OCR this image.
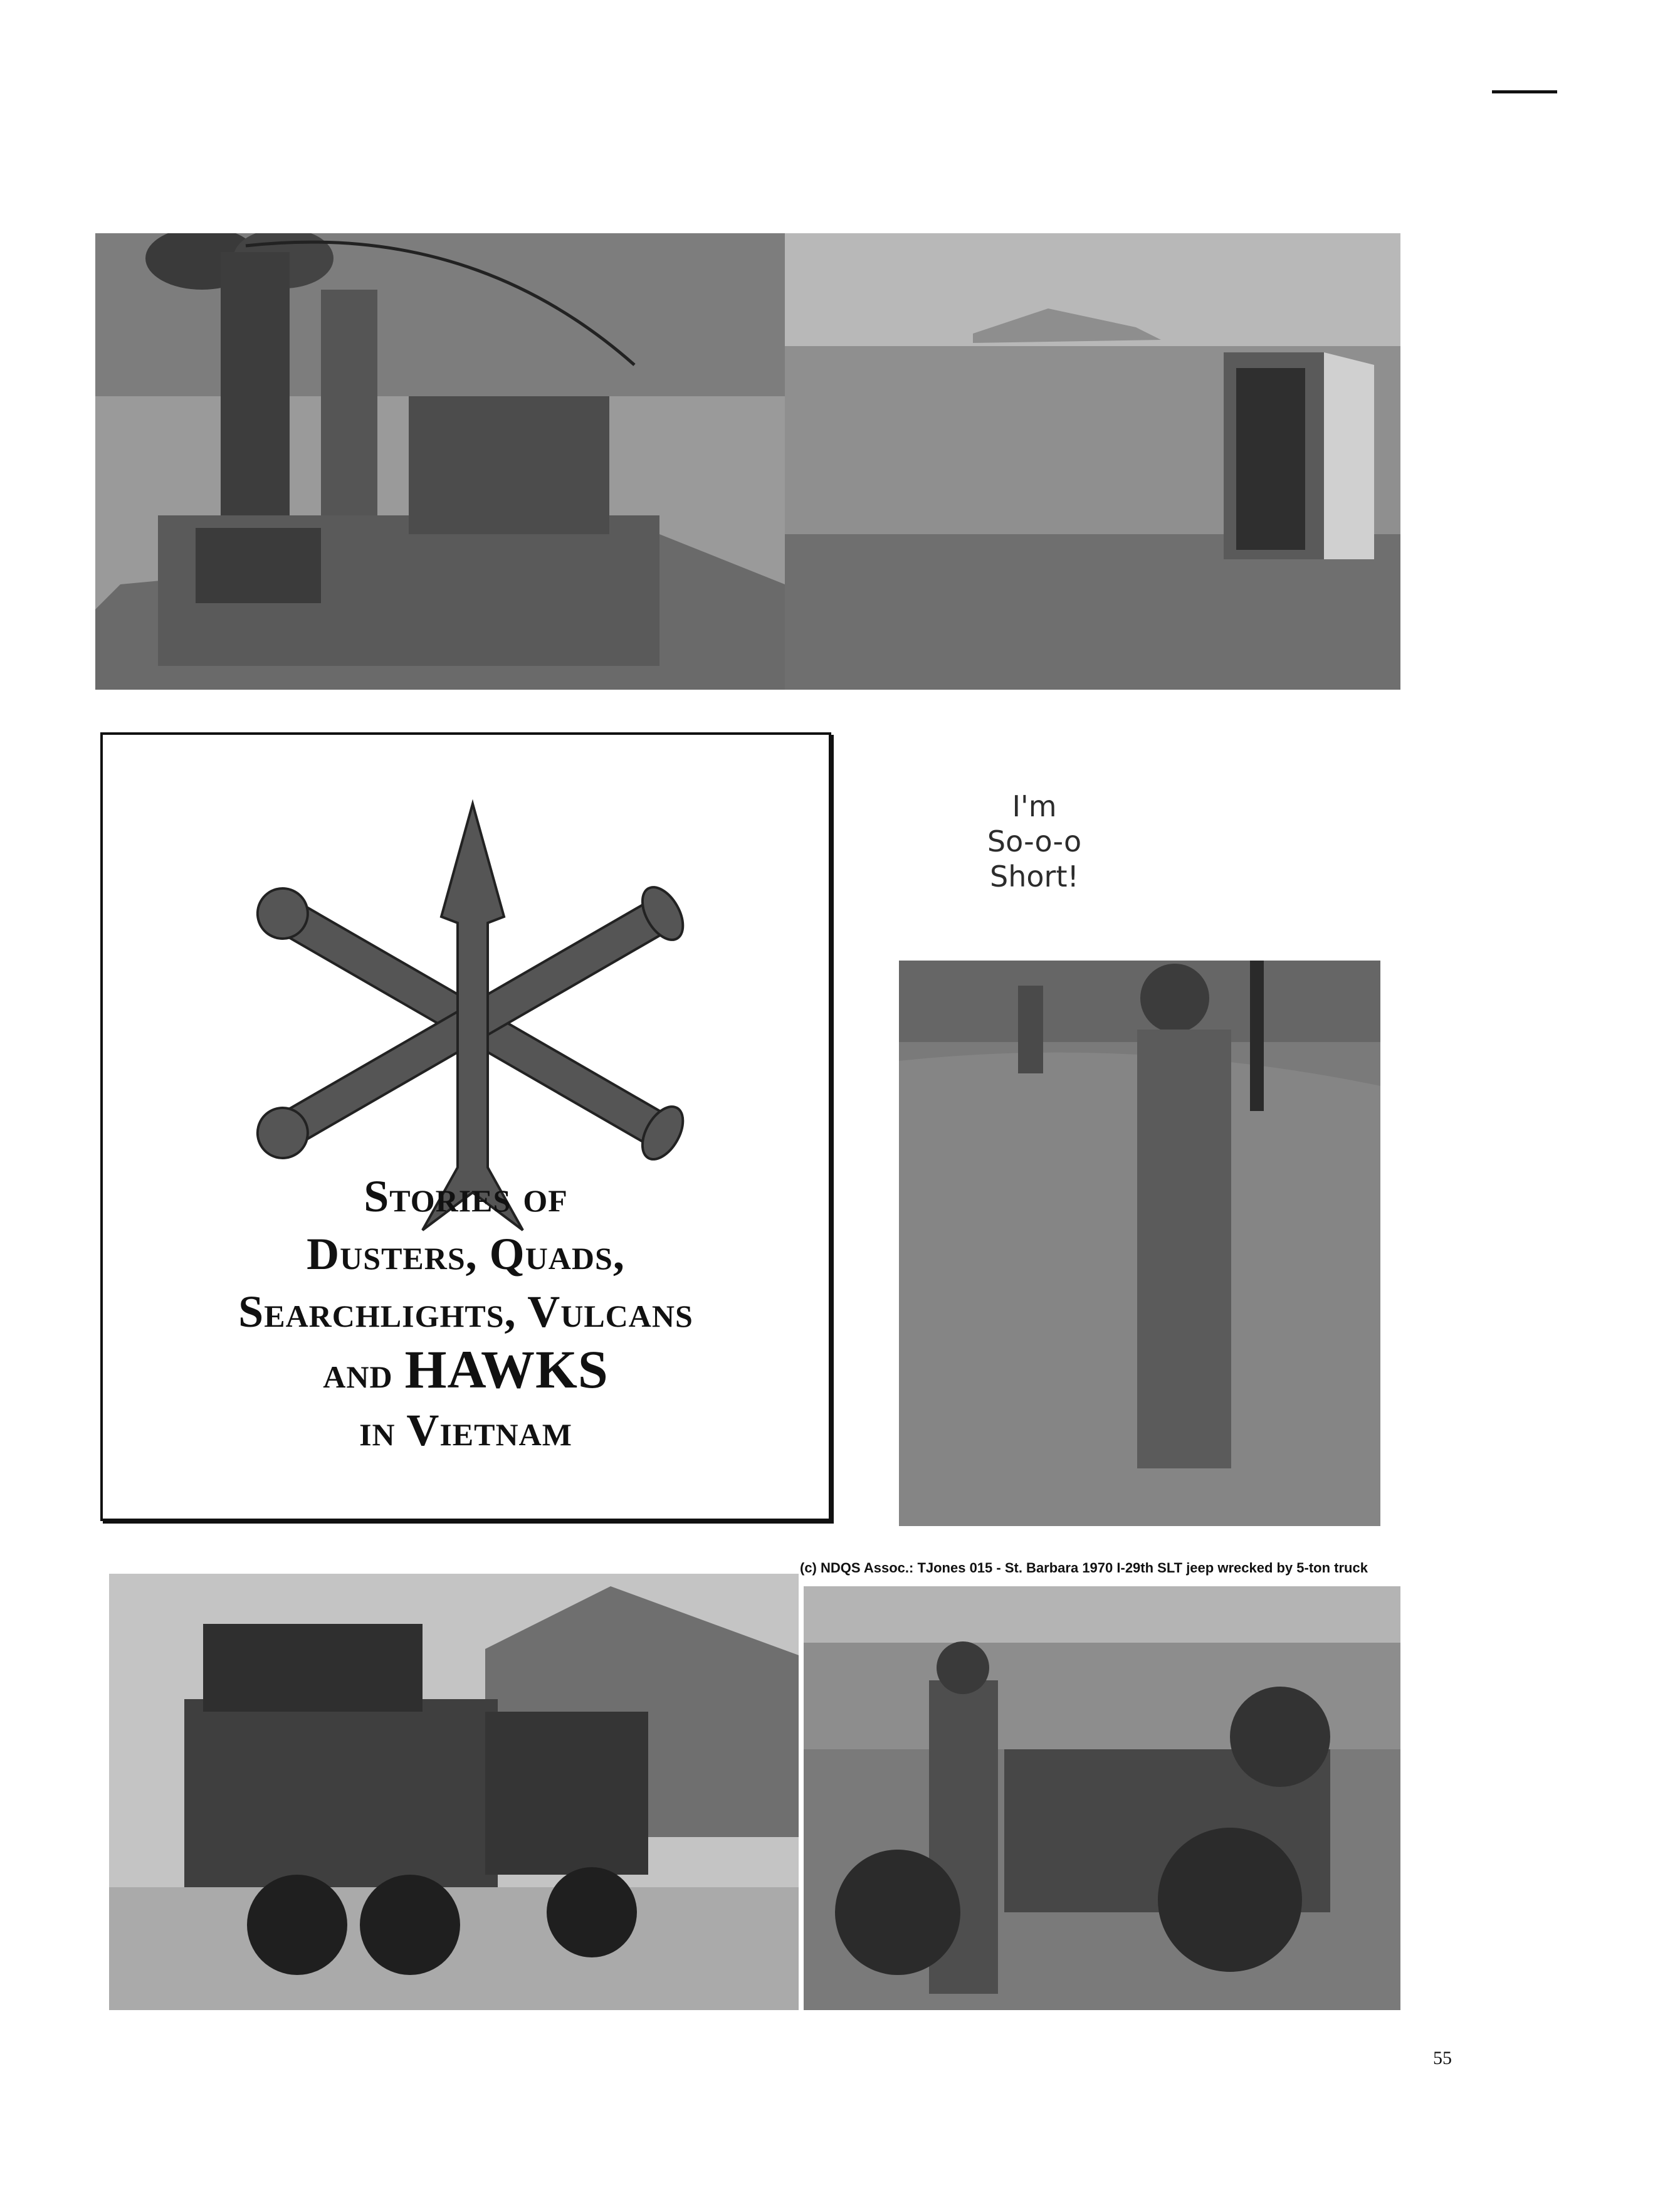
Stories of
Dusters, Quads,
Searchlights, Vulcans
and HAWKS
in Vietnam
I'm
So-o-o
Short!
(c) NDQS Assoc.: TJones 015 - St. Barbara 1970 I-29th SLT jeep wrecked by 5-ton truck
55
